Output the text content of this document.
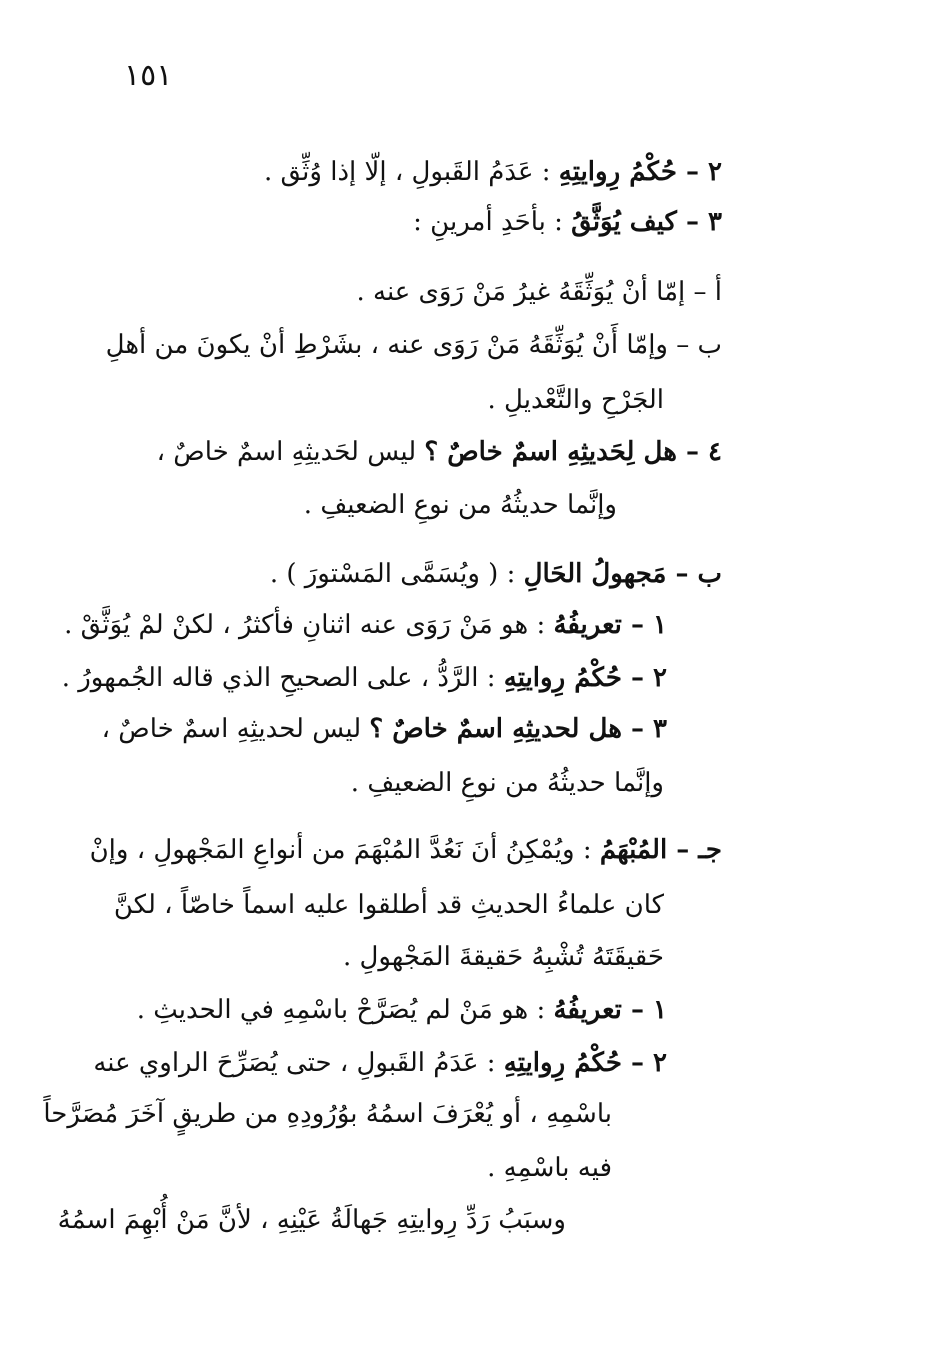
١٥١
٢ – حُكْمُ رِوايتِهِ : عَدَمُ القَبولِ ، إلّا إذا وُثِّق .
٣ – كيف يُوَثَّقُ : بأحَدِ أمرينِ :
أ – إمّا أنْ يُوَثِّقَهُ غيرُ مَنْ رَوَى عنه .
ب – وإمّا أَنْ يُوَثِّقَهُ مَنْ رَوَى عنه ، بشَرْطِ أنْ يكونَ من أهلِ
الجَرْحِ والتَّعْديلِ .
٤ – هل لِحَديثِهِ اسمٌ خاصٌ ؟ ليس لحَديثِهِ اسمٌ خاصٌ ،
وإنَّما حديثُهُ من نوعِ الضعيفِ .
ب – مَجهولُ الحَالِ : ( ويُسَمَّى المَسْتورَ ) .
١ – تعريفُهُ : هو مَنْ رَوَى عنه اثنانِ فأكثرُ ، لكنْ لمْ يُوَثَّقْ .
٢ – حُكْمُ رِوايتِهِ : الرَّدُّ ، على الصحيحِ الذي قاله الجُمهورُ .
٣ – هل لحديثِهِ اسمٌ خاصٌ ؟ ليس لحديثِهِ اسمٌ خاصٌ ،
وإنَّما حديثُهُ من نوعِ الضعيفِ .
جـ – المُبْهَمُ : ويُمْكِنُ أنَ نَعُدَّ المُبْهَمَ من أنواعِ المَجْهولِ ، وإنْ
كان علماءُ الحديثِ قد أطلقوا عليه اسماً خاصّاً ، لكنَّ
حَقيقَتَهُ تُشْبِهُ حَقيقةَ المَجْهولِ .
١ – تعريفُهُ : هو مَنْ لم يُصَرَّحْ باسْمِهِ في الحديثِ .
٢ – حُكْمُ رِوايتِهِ : عَدَمُ القَبولِ ، حتى يُصَرِّحَ الراوي عنه
باسْمِهِ ، أو يُعْرَفَ اسمُهُ بوُرُودِهِ من طريقٍ آخَرَ مُصَرَّحاً
فيه باسْمِهِ .
وسبَبُ رَدِّ رِوايتِهِ جَهالَةُ عَيْنِهِ ، لأنَّ مَنْ أُبْهِمَ اسمُهُ
